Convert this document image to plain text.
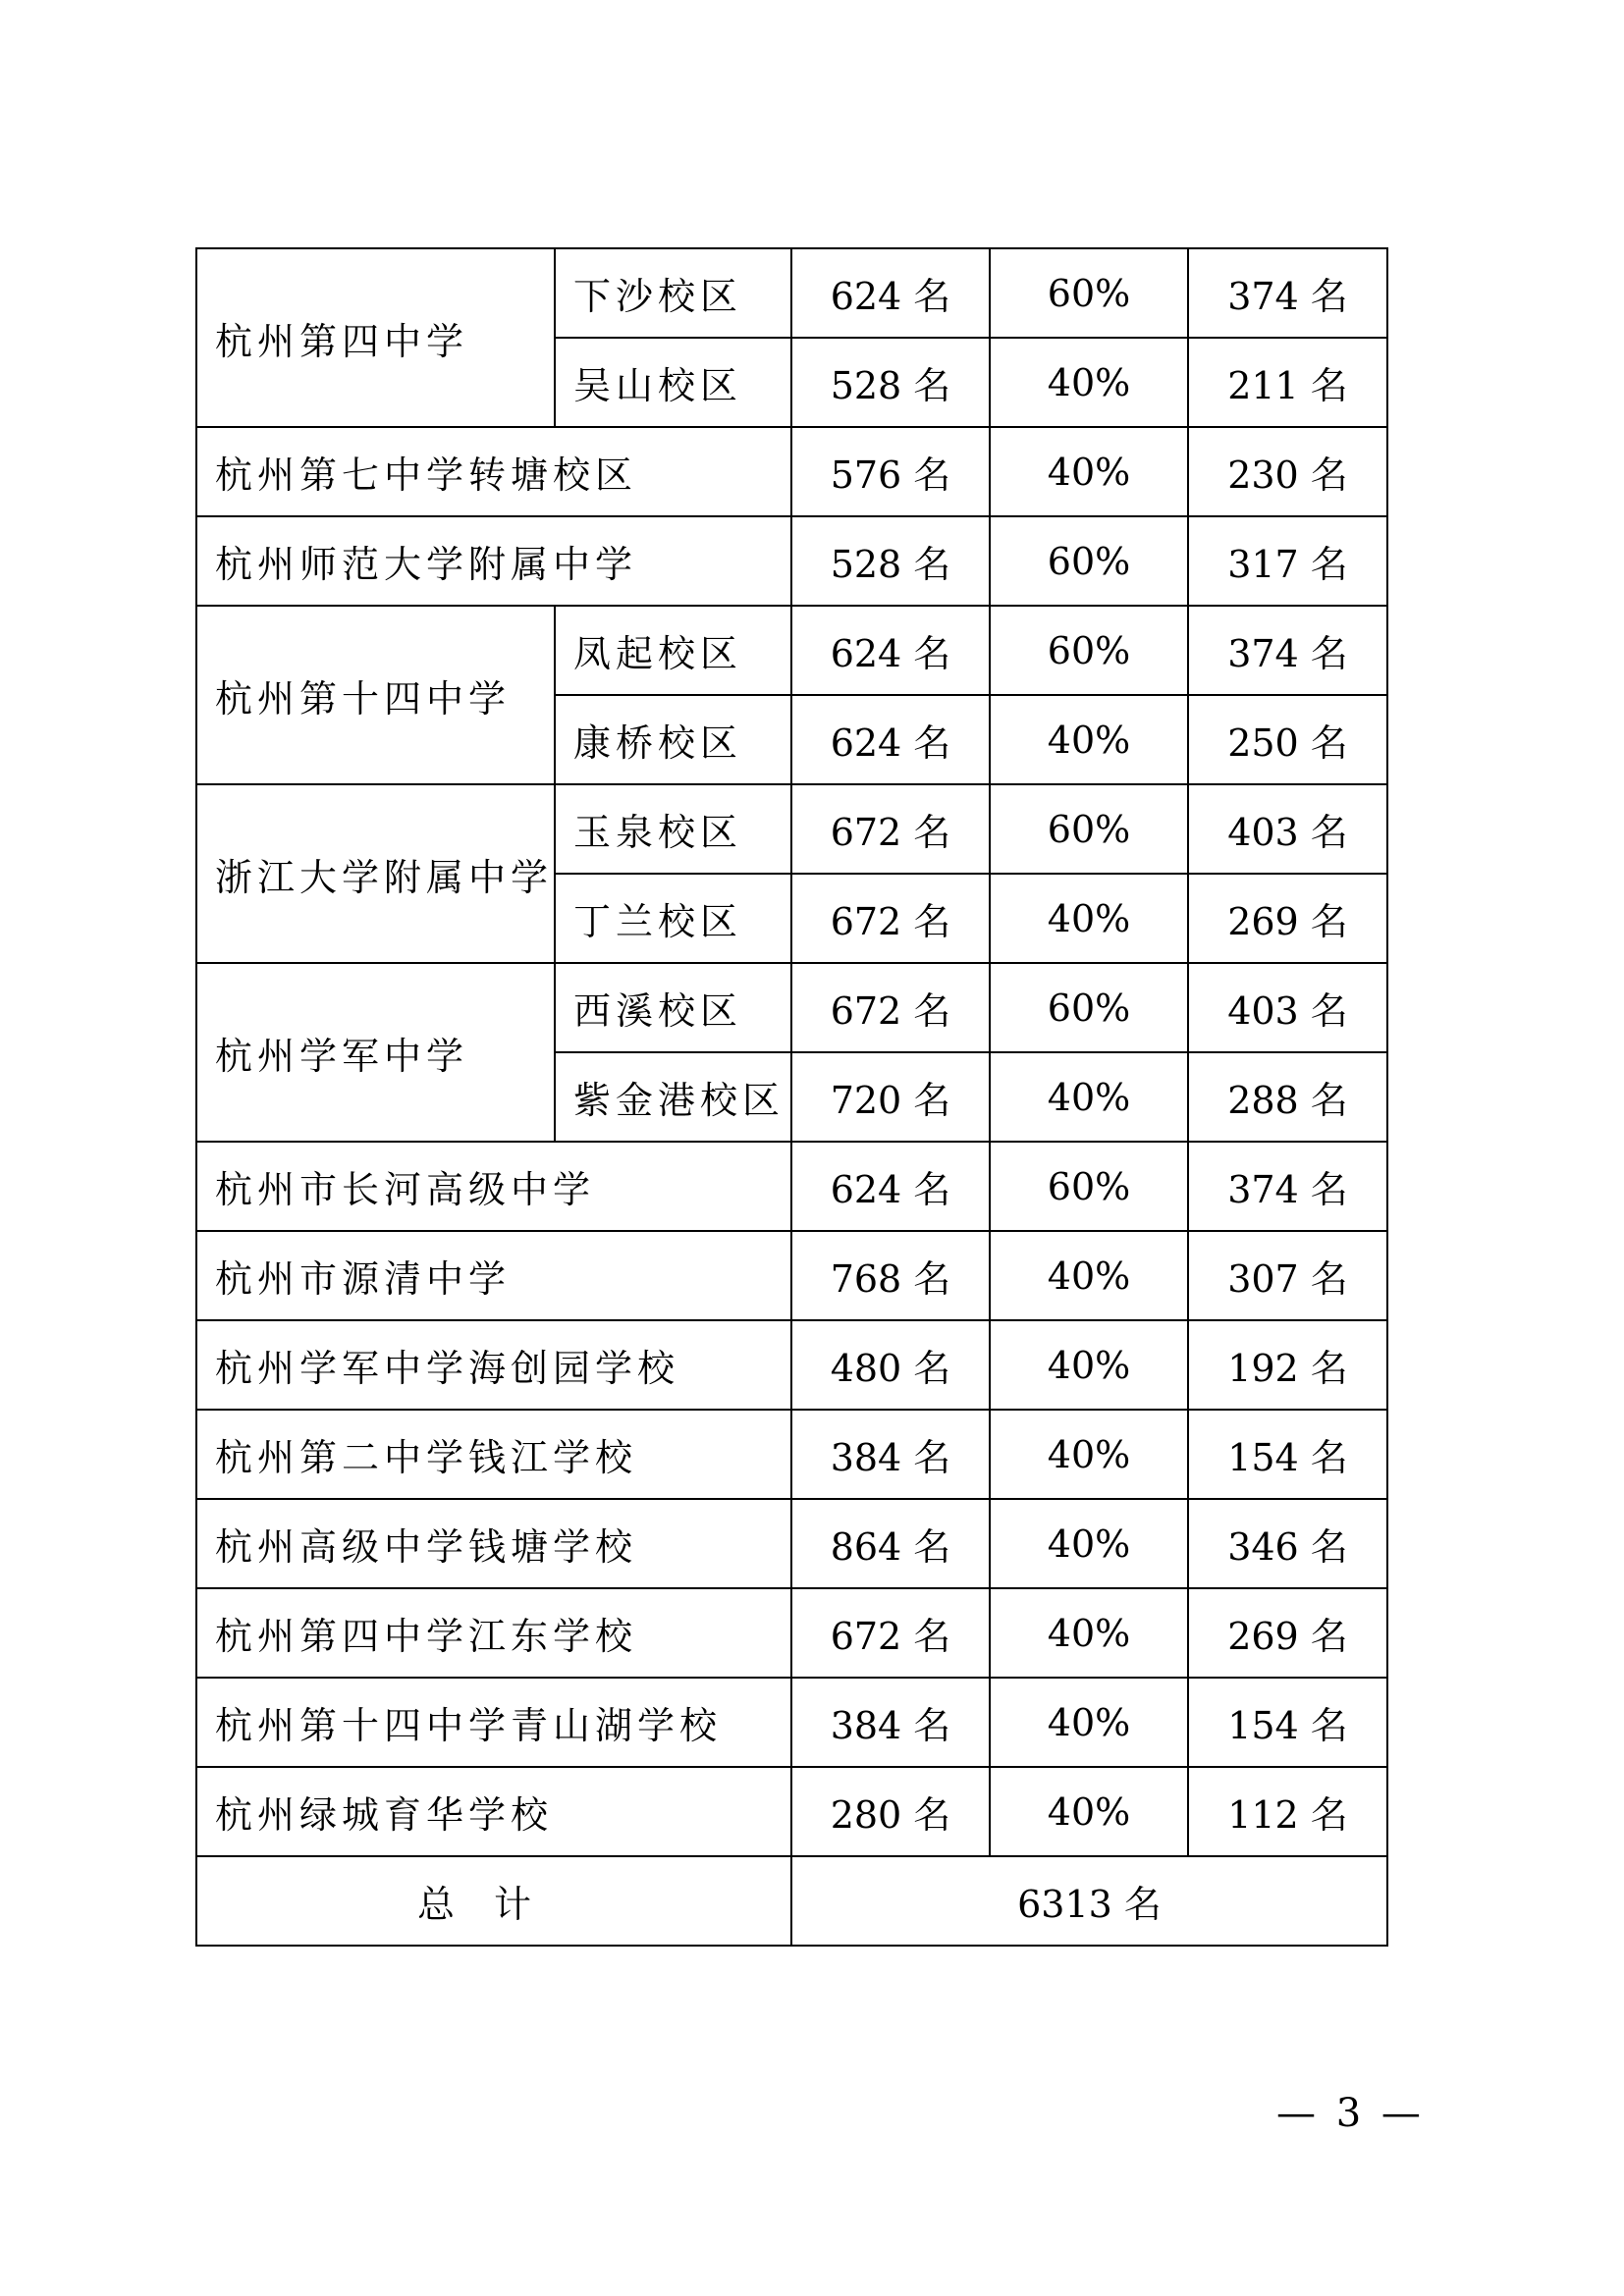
杭州第四中学	下沙校区	624 名	60%	374 名
	吴山校区	528 名	40%	211 名
杭州第七中学转塘校区		576 名	40%	230 名
杭州师范大学附属中学		528 名	60%	317 名
杭州第十四中学	凤起校区	624 名	60%	374 名
	康桥校区	624 名	40%	250 名
浙江大学附属中学	玉泉校区	672 名	60%	403 名
	丁兰校区	672 名	40%	269 名
杭州学军中学	西溪校区	672 名	60%	403 名
	紫金港校区	720 名	40%	288 名
杭州市长河高级中学		624 名	60%	374 名
杭州市源清中学		768 名	40%	307 名
杭州学军中学海创园学校		480 名	40%	192 名
杭州第二中学钱江学校		384 名	40%	154 名
杭州高级中学钱塘学校		864 名	40%	346 名
杭州第四中学江东学校		672 名	40%	269 名
杭州第十四中学青山湖学校		384 名	40%	154 名
杭州绿城育华学校		280 名	40%	112 名
总计		6313 名		
— 3 —
